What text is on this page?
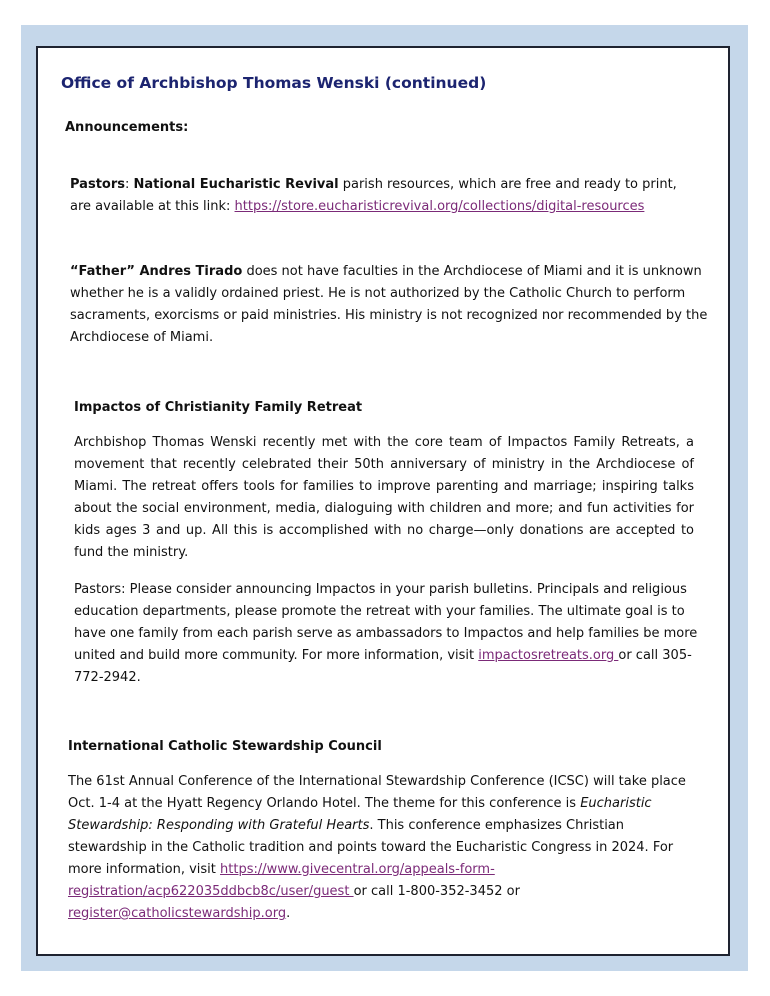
Office of Archbishop Thomas Wenski (continued)
Announcements:

Pastors: National Eucharistic Revival parish resources, which are free and ready to print, are available at this link: https://store.eucharisticrevival.org/collections/digital-resources

“Father” Andres Tirado does not have faculties in the Archdiocese of Miami and it is unknown whether he is a validly ordained priest. He is not authorized by the Catholic Church to perform sacraments, exorcisms or paid ministries. His ministry is not recognized nor recommended by the Archdiocese of Miami.

Impactos of Christianity Family Retreat

Archbishop Thomas Wenski recently met with the core team of Impactos Family Retreats, a movement that recently celebrated their 50th anniversary of ministry in the Archdiocese of Miami. The retreat offers tools for families to improve parenting and marriage; inspiring talks about the social environment, media, dialoguing with children and more; and fun activities for kids ages 3 and up. All this is accomplished with no charge—only donations are accepted to fund the ministry.

Pastors: Please consider announcing Impactos in your parish bulletins. Principals and religious education departments, please promote the retreat with your families. The ultimate goal is to have one family from each parish serve as ambassadors to Impactos and help families be more united and build more community. For more information, visit impactosretreats.org or call 305-772-2942.

International Catholic Stewardship Council

The 61st Annual Conference of the International Stewardship Conference (ICSC) will take place Oct. 1-4 at the Hyatt Regency Orlando Hotel. The theme for this conference is Eucharistic Stewardship: Responding with Grateful Hearts. This conference emphasizes Christian stewardship in the Catholic tradition and points toward the Eucharistic Congress in 2024. For more information, visit https://www.givecentral.org/appeals-form-registration/acp622035ddbcb8c/user/guest or call 1-800-352-3452 or register@catholicstewardship.org.
